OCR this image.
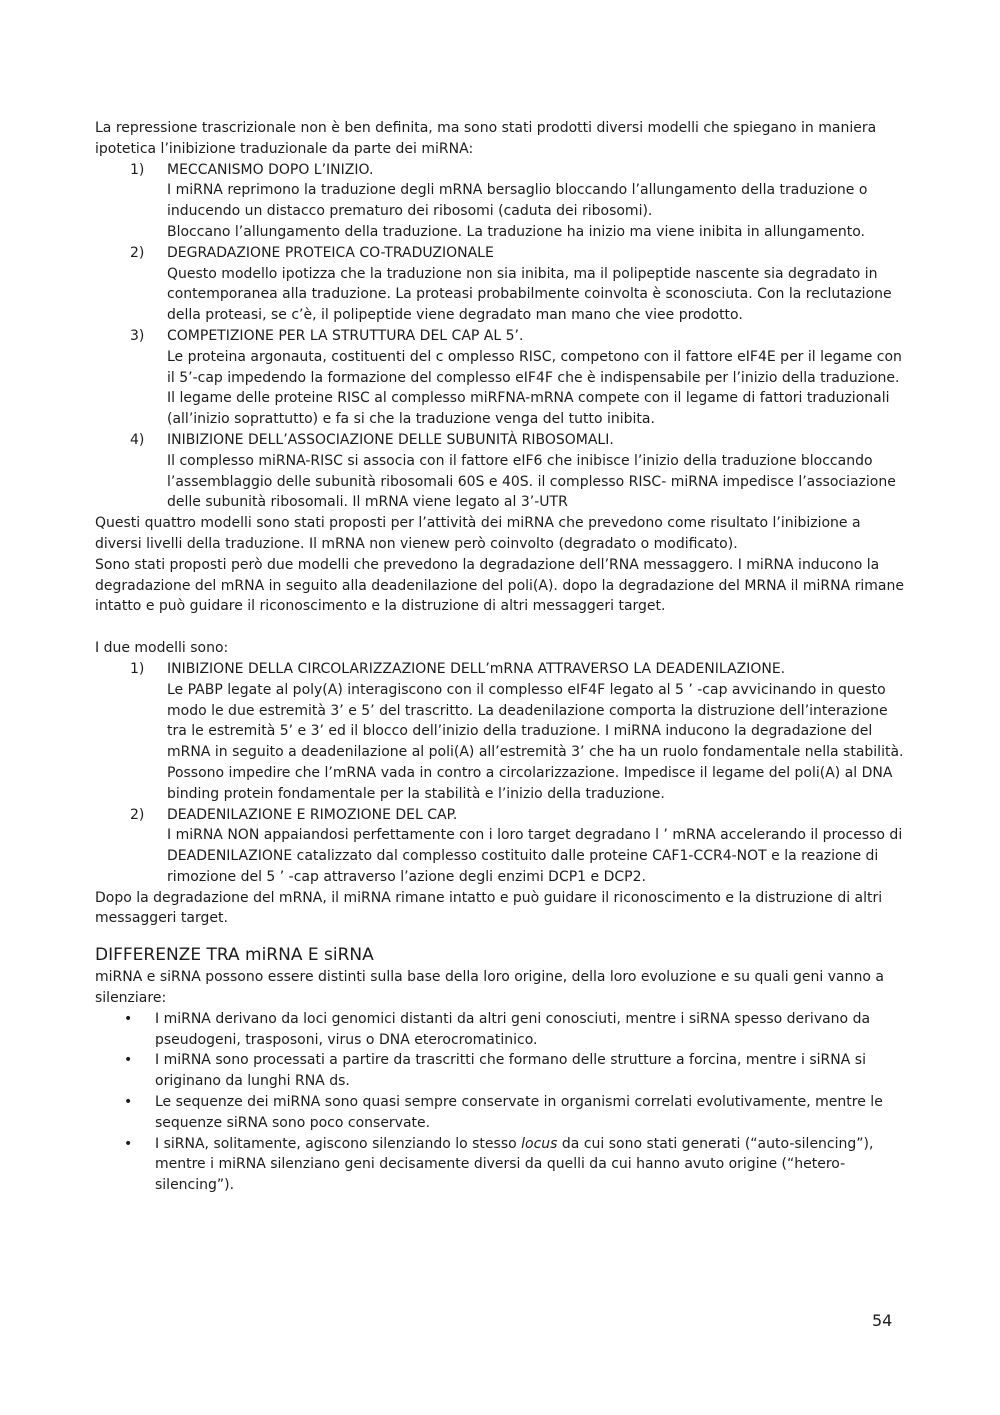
La repressione trascrizionale non è ben definita, ma sono stati prodotti diversi modelli che spiegano in maniera ipotetica l’inibizione traduzionale da parte dei miRNA:

1) MECCANISMO DOPO L’INIZIO.
I miRNA reprimono la traduzione degli mRNA bersaglio bloccando l’allungamento della traduzione o inducendo un distacco prematuro dei ribosomi (caduta dei ribosomi).
Bloccano l’allungamento della traduzione. La traduzione ha inizio ma viene inibita in allungamento.
2) DEGRADAZIONE PROTEICA CO-TRADUZIONALE
Questo modello ipotizza che la traduzione non sia inibita, ma il polipeptide nascente sia degradato in contemporanea alla traduzione. La proteasi probabilmente coinvolta è sconosciuta. Con la reclutazione della proteasi, se c’è, il polipeptide viene degradato man mano che viee prodotto.
3) COMPETIZIONE PER LA STRUTTURA DEL CAP AL 5’.
Le proteina argonauta, costituenti del c omplesso RISC, competono con il fattore eIF4E per il legame con il 5’-cap impedendo la formazione del complesso eIF4F che è indispensabile per l’inizio della traduzione. Il legame delle proteine RISC al complesso miRFNA-mRNA compete con il legame di fattori traduzionali (all’inizio soprattutto) e fa si che la traduzione venga del tutto inibita.
4) INIBIZIONE DELL’ASSOCIAZIONE DELLE SUBUNITÀ RIBOSOMALI.
Il complesso miRNA-RISC si associa con il fattore eIF6 che inibisce l’inizio della traduzione bloccando l’assemblaggio delle subunità ribosomali 60S e 40S. il complesso RISC- miRNA impedisce l’associazione delle subunità ribosomali. Il mRNA viene legato al 3’-UTR

Questi quattro modelli sono stati proposti per l’attività dei miRNA che prevedono come risultato l’inibizione a diversi livelli della traduzione. Il mRNA non vienew però coinvolto (degradato o modificato).

Sono stati proposti però due modelli che prevedono la degradazione dell’RNA messaggero. I miRNA inducono la degradazione del mRNA in seguito alla deadenilazione del poli(A). dopo la degradazione del MRNA il miRNA rimane intatto e può guidare il riconoscimento e la distruzione di altri messaggeri target.

I due modelli sono:

1) INIBIZIONE DELLA CIRCOLARIZZAZIONE DELL’mRNA ATTRAVERSO LA DEADENILAZIONE.
Le PABP legate al poly(A) interagiscono con il complesso eIF4F legato al 5 ’ -cap avvicinando in questo modo le due estremità 3’ e 5’ del trascritto. La deadenilazione comporta la distruzione dell’interazione tra le estremità 5’ e 3’ ed il blocco dell’inizio della traduzione. I miRNA inducono la degradazione del mRNA in seguito a deadenilazione al poli(A) all’estremità 3’ che ha un ruolo fondamentale nella stabilità. Possono impedire che l’mRNA vada in contro a circolarizzazione. Impedisce il legame del poli(A) al DNA binding protein fondamentale per la stabilità e l’inizio della traduzione.
2) DEADENILAZIONE E RIMOZIONE DEL CAP.
I miRNA NON appaiandosi perfettamente con i loro target degradano l ’ mRNA accelerando il processo di DEADENILAZIONE catalizzato dal complesso costituito dalle proteine CAF1-CCR4-NOT e la reazione di rimozione del 5 ’ -cap attraverso l’azione degli enzimi DCP1 e DCP2.

Dopo la degradazione del mRNA, il miRNA rimane intatto e può guidare il riconoscimento e la distruzione di altri messaggeri target.

DIFFERENZE TRA miRNA E siRNA

miRNA e siRNA possono essere distinti sulla base della loro origine, della loro evoluzione e su quali geni vanno a silenziare:

• I miRNA derivano da loci genomici distanti da altri geni conosciuti, mentre i siRNA spesso derivano da pseudogeni, trasposoni, virus o DNA eterocromatinico.
• I miRNA sono processati a partire da trascritti che formano delle strutture a forcina, mentre i siRNA si originano da lunghi RNA ds.
• Le sequenze dei miRNA sono quasi sempre conservate in organismi correlati evolutivamente, mentre le sequenze siRNA sono poco conservate.
• I siRNA, solitamente, agiscono silenziando lo stesso locus da cui sono stati generati (“auto-silencing”), mentre i miRNA silenziano geni decisamente diversi da quelli da cui hanno avuto origine (“hetero-silencing”).
54
